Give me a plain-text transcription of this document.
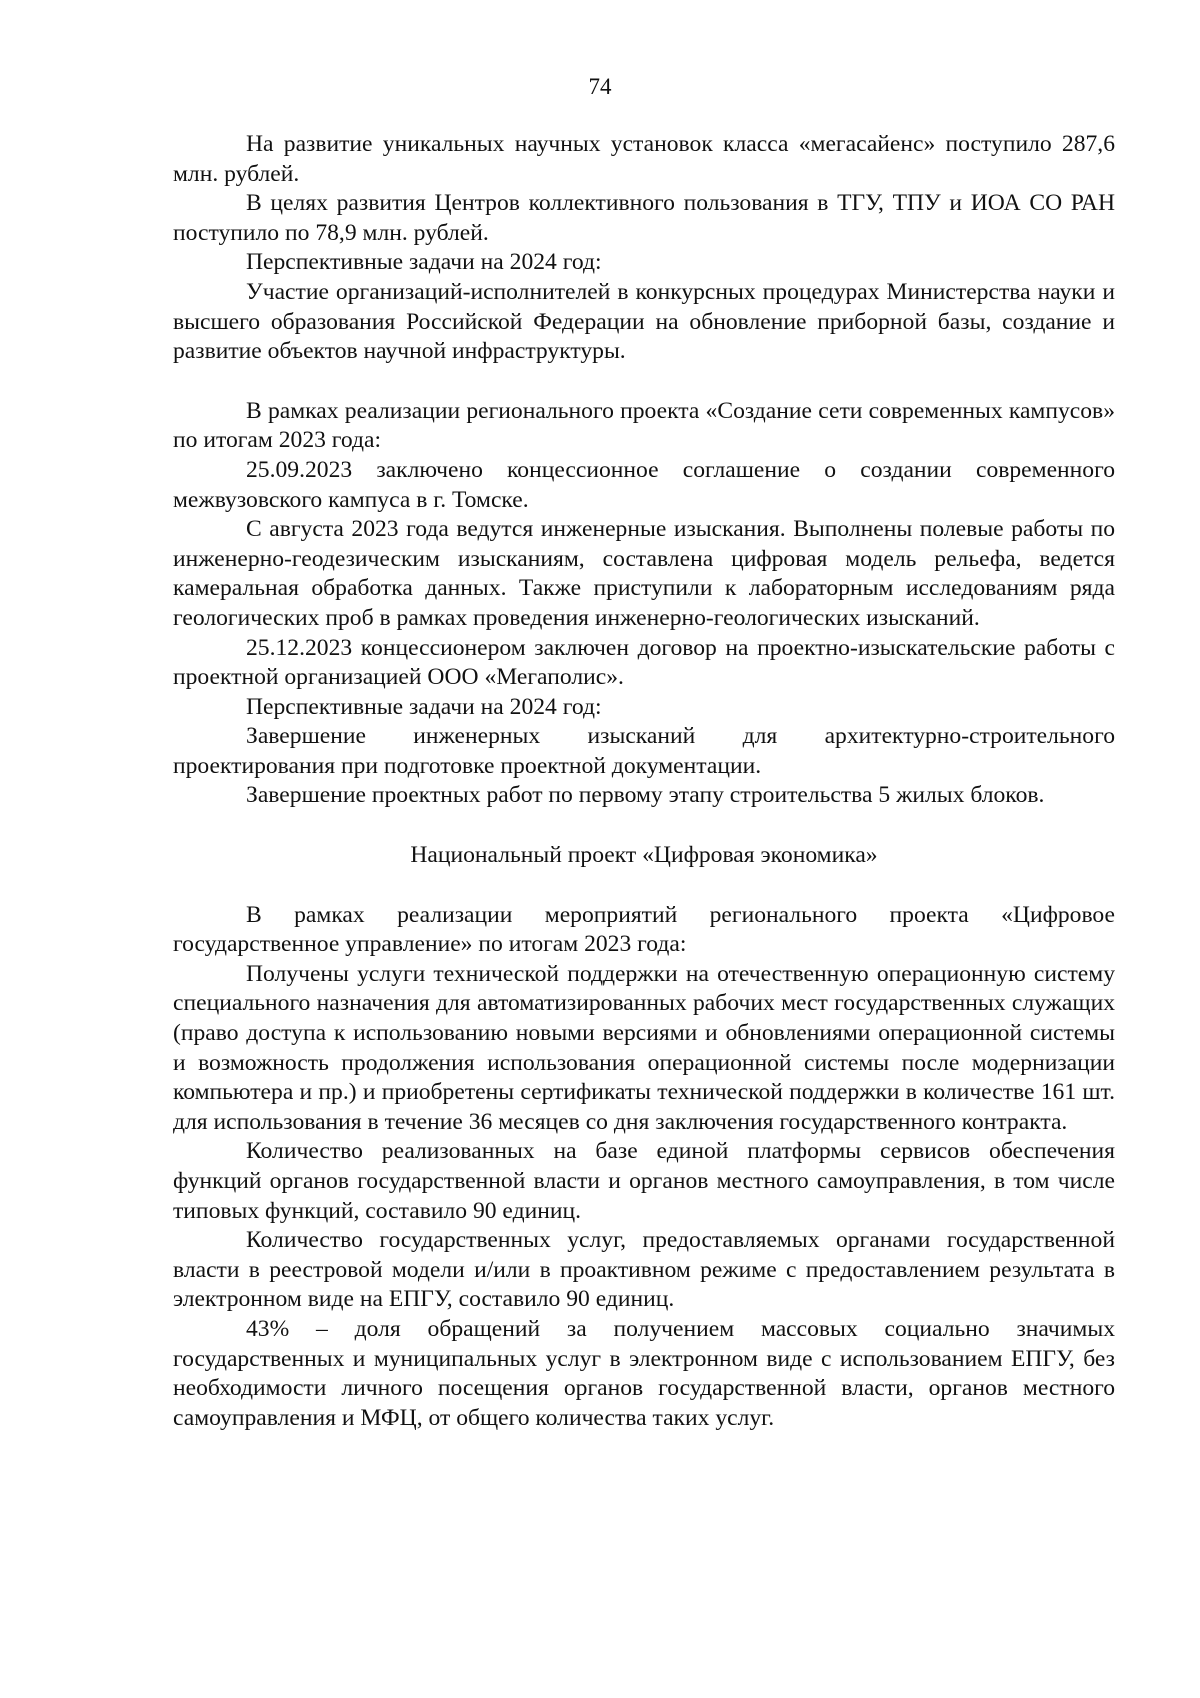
74

На развитие уникальных научных установок класса «мегасайенс» поступило 287,6 млн. рублей.

В целях развития Центров коллективного пользования в ТГУ, ТПУ и ИОА СО РАН поступило по 78,9 млн. рублей.

Перспективные задачи на 2024 год:

Участие организаций-исполнителей в конкурсных процедурах Министерства науки и высшего образования Российской Федерации на обновление приборной базы, создание и развитие объектов научной инфраструктуры.

В рамках реализации регионального проекта «Создание сети современных кампусов» по итогам 2023 года:

25.09.2023 заключено концессионное соглашение о создании современного межвузовского кампуса в г. Томске.

С августа 2023 года ведутся инженерные изыскания. Выполнены полевые работы по инженерно-геодезическим изысканиям, составлена цифровая модель рельефа, ведется камеральная обработка данных. Также приступили к лабораторным исследованиям ряда геологических проб в рамках проведения инженерно-геологических изысканий.

25.12.2023 концессионером заключен договор на проектно-изыскательские работы с проектной организацией ООО «Мегаполис».

Перспективные задачи на 2024 год:

Завершение инженерных изысканий для архитектурно-строительного проектирования при подготовке проектной документации.

Завершение проектных работ по первому этапу строительства 5 жилых блоков.

Национальный проект «Цифровая экономика»

В рамках реализации мероприятий регионального проекта «Цифровое государственное управление» по итогам 2023 года:

Получены услуги технической поддержки на отечественную операционную систему специального назначения для автоматизированных рабочих мест государственных служащих (право доступа к использованию новыми версиями и обновлениями операционной системы и возможность продолжения использования операционной системы после модернизации компьютера и пр.) и приобретены сертификаты технической поддержки в количестве 161 шт. для использования в течение 36 месяцев со дня заключения государственного контракта.

Количество реализованных на базе единой платформы сервисов обеспечения функций органов государственной власти и органов местного самоуправления, в том числе типовых функций, составило 90 единиц.

Количество государственных услуг, предоставляемых органами государственной власти в реестровой модели и/или в проактивном режиме с предоставлением результата в электронном виде на ЕПГУ, составило 90 единиц.

43% – доля обращений за получением массовых социально значимых государственных и муниципальных услуг в электронном виде с использованием ЕПГУ, без необходимости личного посещения органов государственной власти, органов местного самоуправления и МФЦ, от общего количества таких услуг.
